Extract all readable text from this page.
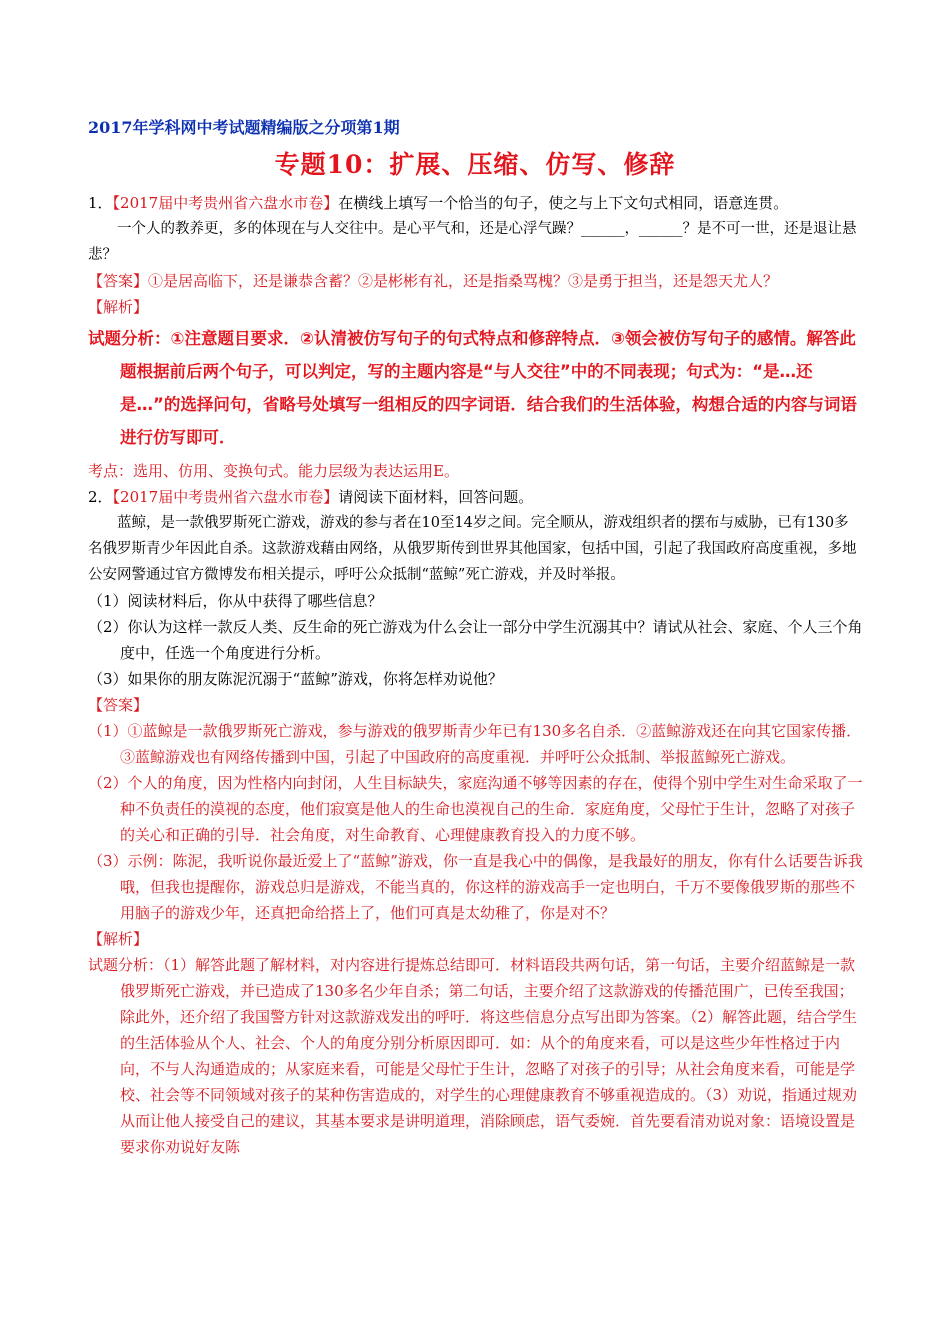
2017年学科网中考试题精编版之分项第1期
专题10：扩展、压缩、仿写、修辞

1．【2017届中考贵州省六盘水市卷】在横线上填写一个恰当的句子，使之与上下文句式相同，语意连贯。

一个人的教养更，多的体现在与人交往中。是心平气和，还是心浮气躁？______，______？是不可一世，还是退让悬悲？

【答案】①是居高临下，还是谦恭含蓄？②是彬彬有礼，还是指桑骂槐？③是勇于担当，还是怨天尤人？

【解析】

试题分析：①注意题目要求．②认清被仿写句子的句式特点和修辞特点．③领会被仿写句子的感情。解答此题根据前后两个句子，可以判定，写的主题内容是“与人交往”中的不同表现；句式为：“是…还是…”的选择问句，省略号处填写一组相反的四字词语．结合我们的生活体验，构想合适的内容与词语进行仿写即可．

考点：选用、仿用、变换句式。能力层级为表达运用E。

2．【2017届中考贵州省六盘水市卷】请阅读下面材料，回答问题。

蓝鲸，是一款俄罗斯死亡游戏，游戏的参与者在10至14岁之间。完全顺从，游戏组织者的摆布与威胁，已有130多名俄罗斯青少年因此自杀。这款游戏藉由网络，从俄罗斯传到世界其他国家，包括中国，引起了我国政府高度重视，多地公安网警通过官方微博发布相关提示，呼吁公众抵制“蓝鲸”死亡游戏，并及时举报。

（1）阅读材料后，你从中获得了哪些信息？

（2）你认为这样一款反人类、反生命的死亡游戏为什么会让一部分中学生沉溺其中？请试从社会、家庭、个人三个角度中，任选一个角度进行分析。

（3）如果你的朋友陈泥沉溺于“蓝鲸”游戏，你将怎样劝说他？

【答案】

（1）①蓝鲸是一款俄罗斯死亡游戏，参与游戏的俄罗斯青少年已有130多名自杀．②蓝鲸游戏还在向其它国家传播．③蓝鲸游戏也有网络传播到中国，引起了中国政府的高度重视．并呼吁公众抵制、举报蓝鲸死亡游戏。

（2）个人的角度，因为性格内向封闭，人生目标缺失，家庭沟通不够等因素的存在，使得个别中学生对生命采取了一种不负责任的漠视的态度，他们寂寞是他人的生命也漠视自己的生命．家庭角度，父母忙于生计，忽略了对孩子的关心和正确的引导．社会角度，对生命教育、心理健康教育投入的力度不够。

（3）示例：陈泥，我听说你最近爱上了“蓝鲸”游戏，你一直是我心中的偶像，是我最好的朋友，你有什么话要告诉我哦，但我也提醒你，游戏总归是游戏，不能当真的，你这样的游戏高手一定也明白，千万不要像俄罗斯的那些不用脑子的游戏少年，还真把命给搭上了，他们可真是太幼稚了，你是对不？

【解析】

试题分析：（1）解答此题了解材料，对内容进行提炼总结即可．材料语段共两句话，第一句话，主要介绍蓝鲸是一款俄罗斯死亡游戏，并已造成了130多名少年自杀；第二句话，主要介绍了这款游戏的传播范围广，已传至我国；除此外，还介绍了我国警方针对这款游戏发出的呼吁．将这些信息分点写出即为答案。（2）解答此题，结合学生的生活体验从个人、社会、个人的角度分别分析原因即可．如：从个的角度来看，可以是这些少年性格过于内向，不与人沟通造成的；从家庭来看，可能是父母忙于生计，忽略了对孩子的引导；从社会角度来看，可能是学校、社会等不同领域对孩子的某种伤害造成的，对学生的心理健康教育不够重视造成的。（3）劝说，指通过规劝从而让他人接受自己的建议，其基本要求是讲明道理，消除顾虑，语气委婉．首先要看清劝说对象：语境设置是要求你劝说好友陈
